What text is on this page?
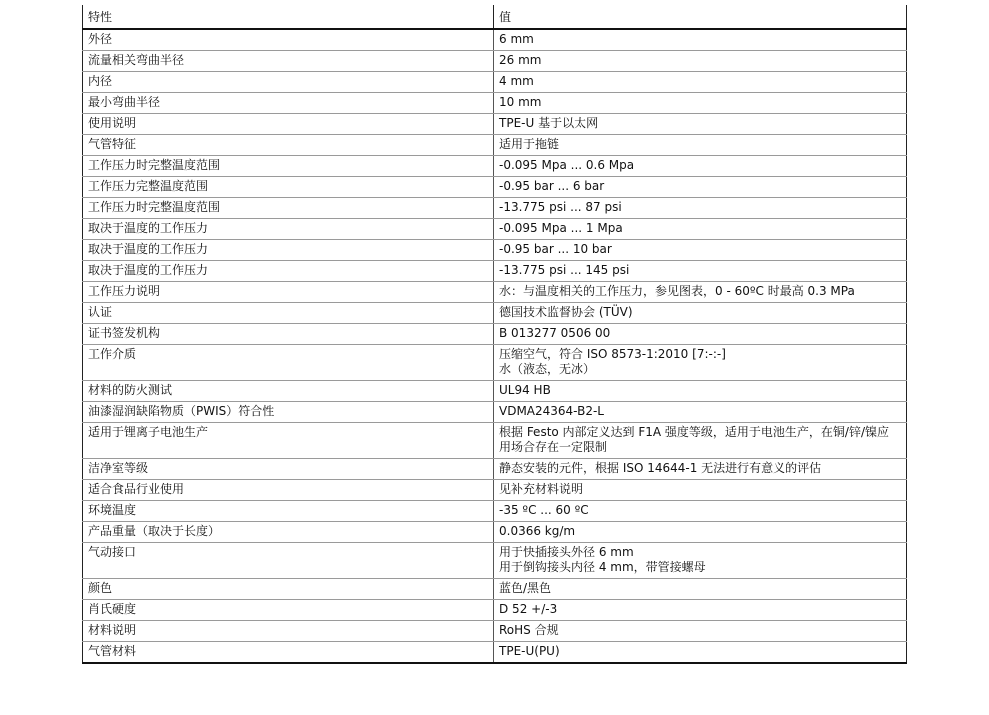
特性	值
外径	6 mm
流量相关弯曲半径	26 mm
内径	4 mm
最小弯曲半径	10 mm
使用说明	TPE-U 基于以太网
气管特征	适用于拖链
工作压力时完整温度范围	-0.095 Mpa ... 0.6 Mpa
工作压力完整温度范围	-0.95 bar ... 6 bar
工作压力时完整温度范围	-13.775 psi ... 87 psi
取决于温度的工作压力	-0.095 Mpa ... 1 Mpa
取决于温度的工作压力	-0.95 bar ... 10 bar
取决于温度的工作压力	-13.775 psi ... 145 psi
工作压力说明	水：与温度相关的工作压力，参见图表，0 - 60ºC 时最高 0.3 MPa
认证	德国技术监督协会 (TÜV)
证书签发机构	B 013277 0506 00
工作介质	压缩空气，符合 ISO 8573-1:2010 [7:-:-]
水（液态，无冰）
材料的防火测试	UL94 HB
油漆湿润缺陷物质（PWIS）符合性	VDMA24364-B2-L
适用于锂离子电池生产	根据 Festo 内部定义达到 F1A 强度等级，适用于电池生产，在铜/锌/镍应用场合存在一定限制
洁净室等级	静态安装的元件，根据 ISO 14644-1 无法进行有意义的评估
适合食品行业使用	见补充材料说明
环境温度	-35 ºC ... 60 ºC
产品重量（取决于长度）	0.0366 kg/m
气动接口	用于快插接头外径 6 mm
用于倒钩接头内径 4 mm，带管接螺母
颜色	蓝色/黑色
肖氏硬度	D 52 +/-3
材料说明	RoHS 合规
气管材料	TPE-U(PU)
